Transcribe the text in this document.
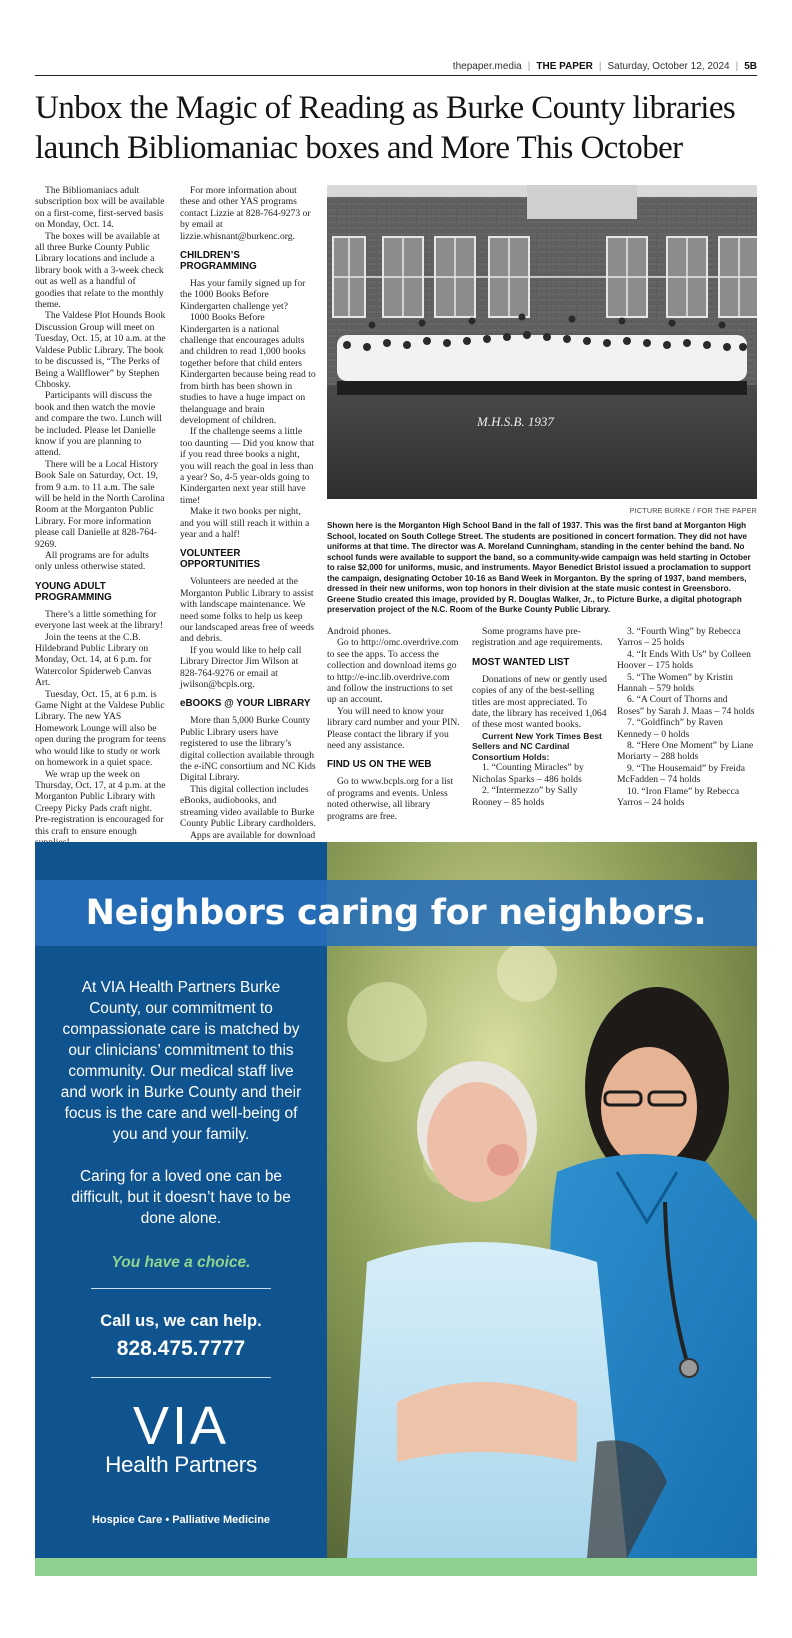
thepaper.media | THE PAPER | Saturday, October 12, 2024 | 5B
Unbox the Magic of Reading as Burke County libraries
launch Bibliomaniac boxes and More This October

The Bibliomaniacs adult subscription box will be available on a first-come, first-served basis on Monday, Oct. 14.

The boxes will be available at all three Burke County Public Library locations and include a library book with a 3-week check out as well as a handful of goodies that relate to the monthly theme.

The Valdese Plot Hounds Book Discussion Group will meet on Tuesday, Oct. 15, at 10 a.m. at the Valdese Public Library. The book to be discussed is, “The Perks of Being a Wallflower” by Stephen Chbosky.

Participants will discuss the book and then watch the movie and compare the two. Lunch will be included. Please let Danielle know if you are planning to attend.

There will be a Local History Book Sale on Saturday, Oct. 19, from 9 a.m. to 11 a.m. The sale will be held in the North Carolina Room at the Morganton Public Library. For more information please call Danielle at 828-764-9269.

All programs are for adults only unless otherwise stated.

YOUNG ADULT PROGRAMMING

There’s a little something for everyone last week at the library!

Join the teens at the C.B. Hildebrand Public Library on Monday, Oct. 14, at 6 p.m. for Watercolor Spiderweb Canvas Art.

Tuesday, Oct. 15, at 6 p.m. is Game Night at the Valdese Public Library. The new YAS Homework Lounge will also be open during the program for teens who would like to study or work on homework in a quiet space.

We wrap up the week on Thursday, Oct. 17, at 4 p.m. at the Morganton Public Library with Creepy Picky Pads craft night. Pre-registration is encouraged for this craft to ensure enough

For more information about these and other YAS programs contact Lizzie at 828-764-9273 or by email at lizzie.whisnant@burkenc.org.

CHILDREN’S PROGRAMMING

Has your family signed up for the 1000 Books Before Kindergarten challenge yet?

1000 Books Before Kindergarten is a national challenge that encourages adults and children to read 1,000 books together before that child enters Kindergarten because being read to from birth has been shown in studies to have a huge impact on thelanguage and brain development of children.

If the challenge seems a little too daunting — Did you know that if you read three books a night, you will reach the goal in less than a year? So, 4-5 year-olds going to Kindergarten next year still have time!

Make it two books per night, and you will still reach it within a year and a half!

VOLUNTEER OPPORTUNITIES

Volunteers are needed at the Morganton Public Library to assist with landscape maintenance. We need some folks to help us keep our landscaped areas free of weeds and debris.

If you would like to help call Library Director Jim Wilson at 828-764-9276 or email at jwilson@bcpls.org.

eBOOKS @ YOUR LIBRARY

More than 5,000 Burke County Public Library users have registered to use the library’s digital collection available through the e-iNC consortium and NC Kids Digital Library.

This digital collection includes eBooks, audiobooks, and streaming video available to Burke County Public Library cardholders.

Apps are available for download

M.H.S.B. 1937
PICTURE BURKE / FOR THE PAPER
Shown here is the Morganton High School Band in the fall of 1937. This was the first band at Morganton High School, located on South College Street. The students are positioned in concert formation. They did not have uniforms at that time. The director was A. Moreland Cunningham, standing in the center behind the band. No school funds were available to support the band, so a community-wide campaign was held starting in October to raise $2,000 for uniforms, music, and instruments. Mayor Benedict Bristol issued a proclamation to support the campaign, designating October 10-16 as Band Week in Morganton. By the spring of 1937, band members, dressed in their new uniforms, won top honors in their division at the state music contest in Greensboro. Greene Studio created this image, provided by R. Douglas Walker, Jr., to Picture Burke, a digital photograph preservation project of the N.C. Room of the Burke County Public Library.

Android phones.

Go to http://omc.overdrive.com to see the apps. To access the collection and download items go to http://e-inc.lib.overdrive.com and follow the instructions to set up an account.

You will need to know your library card number and your PIN. Please contact the library if you need any assistance.

FIND US ON THE WEB

Go to www.bcpls.org for a list of programs and events. Unless noted otherwise, all library programs are free.

Some programs have pre-registration and age requirements.

MOST WANTED LIST

Donations of new or gently used copies of any of the best-selling titles are most appreciated. To date, the library has received 1,064 of these most wanted books.

Current New York Times Best Sellers and NC Cardinal Consortium Holds:

1. “Counting Miracles” by Nicholas Sparks – 486 holds

2. “Intermezzo” by Sally Rooney – 85 holds

3. “Fourth Wing” by Rebecca Yarros – 25 holds

4. “It Ends With Us” by Colleen Hoover – 175 holds

5. “The Women” by Kristin Hannah – 579 holds

6. “A Court of Thorns and Roses” by Sarah J. Maas – 74 holds

7. “Goldfinch” by Raven Kennedy – 0 holds

8. “Here One Moment” by Liane Moriarty – 288 holds

9. “The Housemaid” by Freida McFadden – 74 holds

10. “Iron Flame” by Rebecca Yarros – 24 holds

Neighbors caring for neighbors.
At VIA Health Partners Burke County, our commitment to compassionate care is matched by our clinicians’ commitment to this community. Our medical staff live and work in Burke County and their focus is the care and well-being of you and your family.
Caring for a loved one can be difficult, but it doesn’t have to be done alone.
You have a choice.
Call us, we can help.
828.475.7777
VIA
Health Partners
Hospice Care • Palliative Medicine
